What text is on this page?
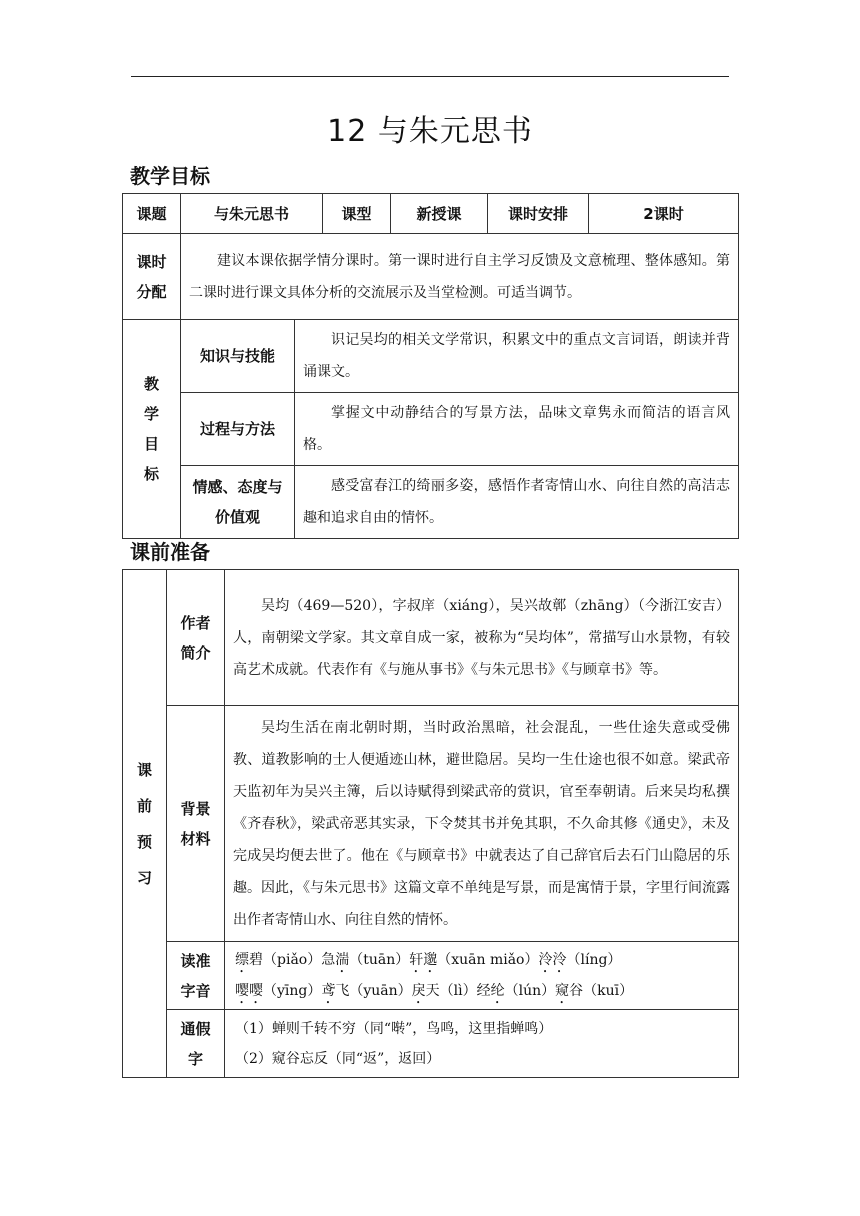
12 与朱元思书
教学目标
课题	与朱元思书		课型	新授课	课时安排	2课时

课时
分配	建议本课依据学情分课时。第一课时进行自主学习反馈及文意梳理、整体感知。第二课时进行课文具体分析的交流展示及当堂检测。可适当调节。					

教
学
目
标	知识与技能	识记吴均的相关文学常识，积累文中的重点文言词语，朗读并背诵课文。				
	过程与方法	掌握文中动静结合的写景方法，品味文章隽永而简洁的语言风格。				

	情感、态度与
价值观	感受富春江的绮丽多姿，感悟作者寄情山水、向往自然的高洁志趣和追求自由的情怀。				
课前准备
课
前
预
习	作者
简介	吴均（469—520），字叔庠（xiáng），吴兴故鄣（zhāng）（今浙江安吉）人，南朝梁文学家。其文章自成一家，被称为“吴均体”，常描写山水景物，有较高艺术成就。代表作有《与施从事书》《与朱元思书》《与顾章书》等。

	背景
材料	吴均生活在南北朝时期，当时政治黑暗，社会混乱，一些仕途失意或受佛教、道教影响的士人便遁迹山林，避世隐居。吴均一生仕途也很不如意。梁武帝天监初年为吴兴主簿，后以诗赋得到梁武帝的赏识，官至奉朝请。后来吴均私撰《齐春秋》，梁武帝恶其实录，下令焚其书并免其职，不久命其修《通史》，未及完成吴均便去世了。他在《与顾章书》中就表达了自己辞官后去石门山隐居的乐趣。因此，《与朱元思书》这篇文章不单纯是写景，而是寓情于景，字里行间流露出作者寄情山水、向往自然的情怀。

	读准
字音	缥碧（piǎo）急湍（tuān）轩邈（xuān miǎo）泠泠（líng）
嘤嘤（yīng）鸢飞（yuān）戾天（lì）经纶（lún）窥谷（kuī）

	通假
字	（1）蝉则千转不穷（同“啭”，鸟鸣，这里指蝉鸣）
（2）窥谷忘反（同“返”，返回）
